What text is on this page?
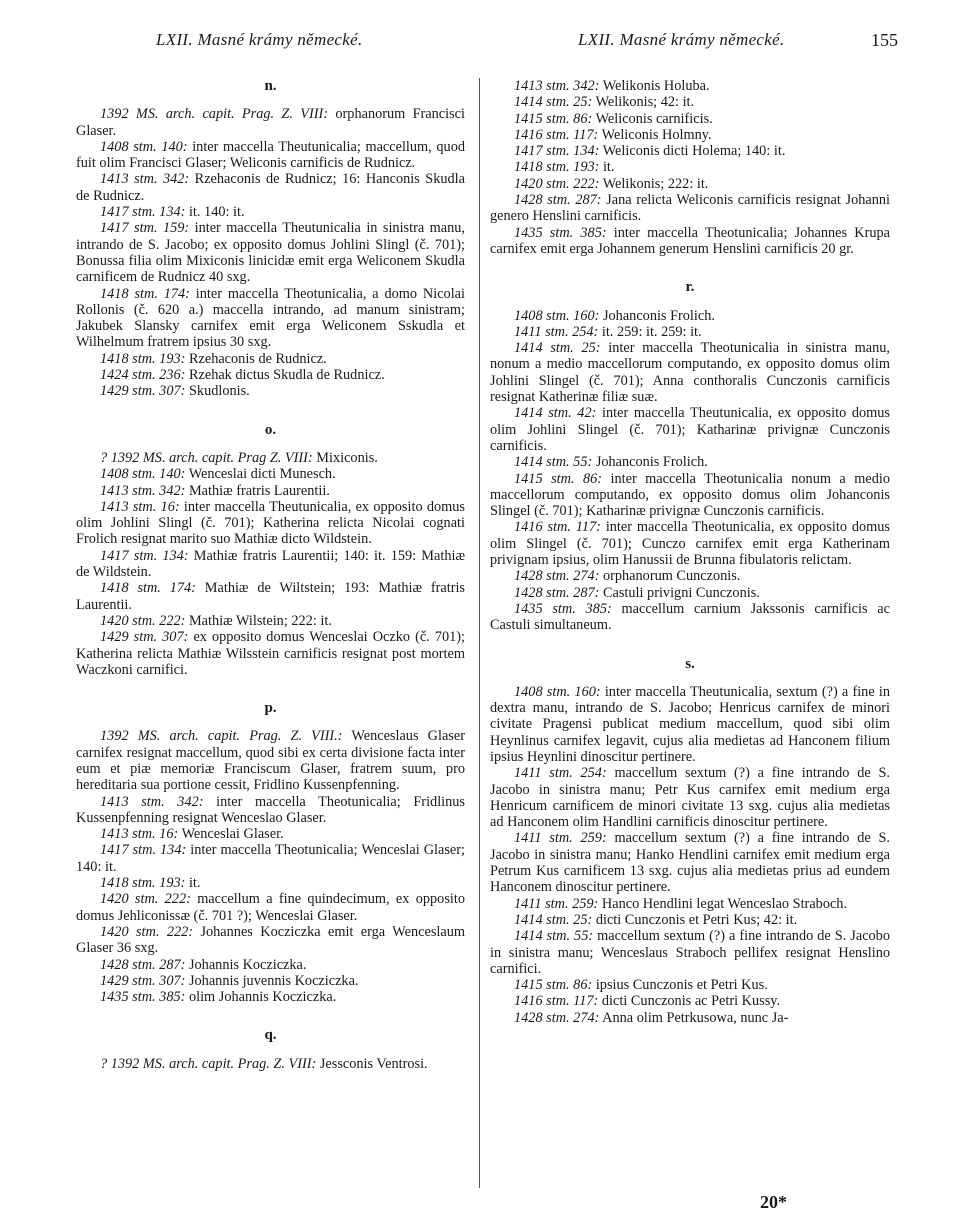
LXII. Masné krámy německé.	LXII. Masné krámy německé.	155
n.

1392 MS. arch. capit. Prag. Z. VIII: orphanorum Francisci Glaser.

1408 stm. 140: inter maccella Theutunicalia; maccellum, quod fuit olim Francisci Glaser; Weliconis carnificis de Rudnicz.

1413 stm. 342: Rzehaconis de Rudnicz; 16: Hanconis Skudla de Rudnicz.

1417 stm. 134: it. 140: it.

1417 stm. 159: inter maccella Theutunicalia in sinistra manu, intrando de S. Jacobo; ex opposito domus Johlini Slingl (č. 701); Bonussa filia olim Mixiconis linicidæ emit erga Weliconem Skudla carnificem de Rudnicz 40 sxg.

1418 stm. 174: inter maccella Theotunicalia, a domo Nicolai Rollonis (č. 620 a.) maccella intrando, ad manum sinistram; Jakubek Slansky carnifex emit erga Weliconem Sskudla et Wilhelmum fratrem ipsius 30 sxg.

1418 stm. 193: Rzehaconis de Rudnicz.

1424 stm. 236: Rzehak dictus Skudla de Rudnicz.

1429 stm. 307: Skudlonis.

o.

? 1392 MS. arch. capit. Prag Z. VIII: Mixiconis.

1408 stm. 140: Wenceslai dicti Munesch.

1413 stm. 342: Mathiæ fratris Laurentii.

1413 stm. 16: inter maccella Theutunicalia, ex opposito domus olim Johlini Slingl (č. 701); Katherina relicta Nicolai cognati Frolich resignat marito suo Mathiæ dicto Wildstein.

1417 stm. 134: Mathiæ fratris Laurentii; 140: it. 159: Mathiæ de Wildstein.

1418 stm. 174: Mathiæ de Wiltstein; 193: Mathiæ fratris Laurentii.

1420 stm. 222: Mathiæ Wilstein; 222: it.

1429 stm. 307: ex opposito domus Wenceslai Oczko (č. 701); Katherina relicta Mathiæ Wilsstein carnificis resignat post mortem Waczkoni carnifici.

p.

1392 MS. arch. capit. Prag. Z. VIII.: Wenceslaus Glaser carnifex resignat maccellum, quod sibi ex certa divisione facta inter eum et piæ memoriæ Franciscum Glaser, fratrem suum, pro hereditaria sua portione cessit, Fridlino Kussenpfenning.

1413 stm. 342: inter maccella Theotunicalia; Fridlinus Kussenpfenning resignat Wenceslao Glaser.

1413 stm. 16: Wenceslai Glaser.

1417 stm. 134: inter maccella Theotunicalia; Wenceslai Glaser; 140: it.

1418 stm. 193: it.

1420 stm. 222: maccellum a fine quindecimum, ex opposito domus Jehliconissæ (č. 701 ?); Wenceslai Glaser.

1420 stm. 222: Johannes Kocziczka emit erga Wenceslaum Glaser 36 sxg.

1428 stm. 287: Johannis Kocziczka.

1429 stm. 307: Johannis juvennis Kocziczka.

1435 stm. 385: olim Johannis Kocziczka.

q.

? 1392 MS. arch. capit. Prag. Z. VIII: Jessconis Ventrosi.

1413 stm. 342: Welikonis Holuba.

1414 stm. 25: Welikonis; 42: it.

1415 stm. 86: Weliconis carnificis.

1416 stm. 117: Weliconis Holmny.

1417 stm. 134: Weliconis dicti Holema; 140: it.

1418 stm. 193: it.

1420 stm. 222: Welikonis; 222: it.

1428 stm. 287: Jana relicta Weliconis carnificis resignat Johanni genero Henslini carnificis.

1435 stm. 385: inter maccella Theotunicalia; Johannes Krupa carnifex emit erga Johannem generum Henslini carnificis 20 gr.

r.

1408 stm. 160: Johanconis Frolich.

1411 stm. 254: it. 259: it. 259: it.

1414 stm. 25: inter maccella Theotunicalia in sinistra manu, nonum a medio maccellorum computando, ex opposito domus olim Johlini Slingel (č. 701); Anna conthoralis Cunczonis carnificis resignat Katherinæ filiæ suæ.

1414 stm. 42: inter maccella Theutunicalia, ex opposito domus olim Johlini Slingel (č. 701); Katharinæ privignæ Cunczonis carnificis.

1414 stm. 55: Johanconis Frolich.

1415 stm. 86: inter maccella Theotunicalia nonum a medio maccellorum computando, ex opposito domus olim Johanconis Slingel (č. 701); Katharinæ privignæ Cunczonis carnificis.

1416 stm. 117: inter maccella Theotunicalia, ex opposito domus olim Slingel (č. 701); Cunczo carnifex emit erga Katherinam privignam ipsius, olim Hanussii de Brunna fibulatoris relictam.

1428 stm. 274: orphanorum Cunczonis.

1428 stm. 287: Castuli privigni Cunczonis.

1435 stm. 385: maccellum carnium Jakssonis carnificis ac Castuli simultaneum.

s.

1408 stm. 160: inter maccella Theutunicalia, sextum (?) a fine in dextra manu, intrando de S. Jacobo; Henricus carnifex de minori civitate Pragensi publicat medium maccellum, quod sibi olim Heynlinus carnifex legavit, cujus alia medietas ad Hanconem filium ipsius Heynlini dinoscitur pertinere.

1411 stm. 254: maccellum sextum (?) a fine intrando de S. Jacobo in sinistra manu; Petr Kus carnifex emit medium erga Henricum carnificem de minori civitate 13 sxg. cujus alia medietas ad Hanconem olim Handlini carnificis dinoscitur pertinere.

1411 stm. 259: maccellum sextum (?) a fine intrando de S. Jacobo in sinistra manu; Hanko Hendlini carnifex emit medium erga Petrum Kus carnificem 13 sxg. cujus alia medietas prius ad eundem Hanconem dinoscitur pertinere.

1411 stm. 259: Hanco Hendlini legat Wenceslao Straboch.

1414 stm. 25: dicti Cunczonis et Petri Kus; 42: it.

1414 stm. 55: maccellum sextum (?) a fine intrando de S. Jacobo in sinistra manu; Wenceslaus Straboch pellifex resignat Henslino carnifici.

1415 stm. 86: ipsius Cunczonis et Petri Kus.

1416 stm. 117: dicti Cunczonis ac Petri Kussy.

1428 stm. 274: Anna olim Petrkusowa, nunc Ja-

20*
